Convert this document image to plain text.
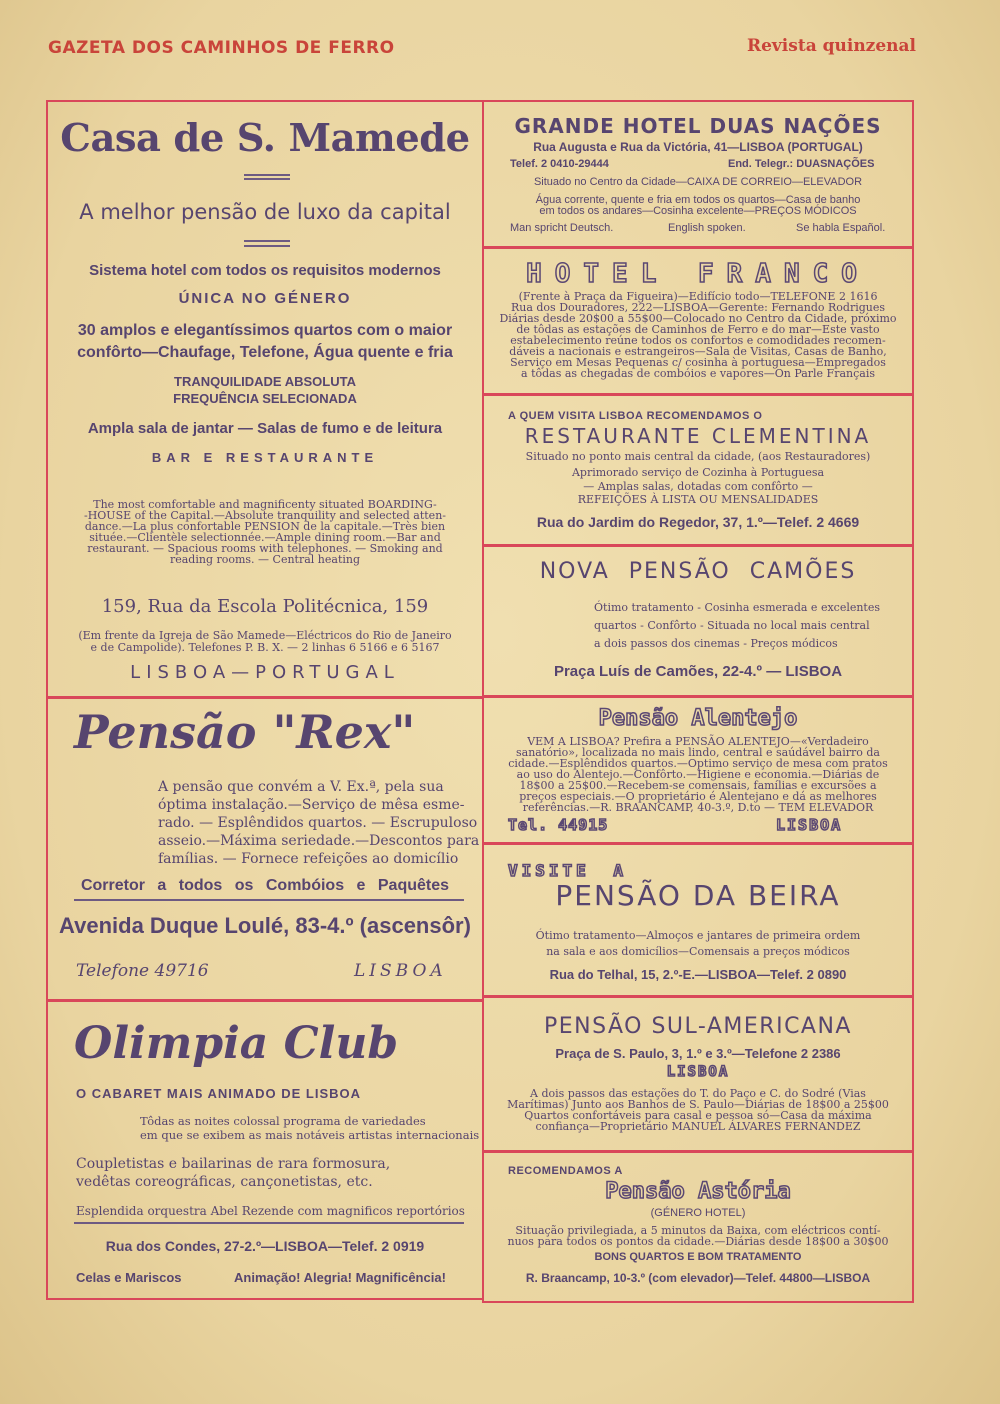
GAZETA DOS CAMINHOS DE FERRO	Revista quinzenal
Casa de S. Mamede
A melhor pensão de luxo da capital
Sistema hotel com todos os requisitos modernos
ÚNICA NO GÉNERO
30 amplos e elegantíssimos quartos com o maior
confôrto—Chaufage, Telefone, Água quente e fria
TRANQUILIDADE ABSOLUTA
FREQUÊNCIA SELECIONADA
Ampla sala de jantar — Salas de fumo e de leitura
BAR E RESTAURANTE
The most comfortable and magnificenty situated BOARDING-
-HOUSE of the Capital.—Absolute tranquility and selected atten-
dance.—La plus confortable PENSION de la capitale.—Très bien
située.—Clientèle selectionnée.—Ample dining room.—Bar and
restaurant. — Spacious rooms with telephones. — Smoking and
reading rooms. — Central heating
159, Rua da Escola Politécnica, 159
(Em frente da Igreja de São Mamede—Eléctricos do Rio de Janeiro
e de Campolide). Telefones P. B. X. — 2 linhas 6 5166 e 6 5167
LISBOA—PORTUGAL
Pensão "Rex"
A pensão que convém a V. Ex.ª, pela sua
óptima instalação.—Serviço de mêsa esme-
rado. — Esplêndidos quartos. — Escrupuloso
asseio.—Máxima seriedade.—Descontos para
famílias. — Fornece refeições ao domicílio
Corretor a todos os Combóios e Paquêtes
Avenida Duque Loulé, 83-4.º (ascensôr)
Telefone 49716	LISBOA
Olimpia Club
O CABARET MAIS ANIMADO DE LISBOA
Tôdas as noites colossal programa de variedades
em que se exibem as mais notáveis artistas internacionais
Coupletistas e bailarinas de rara formosura,
vedêtas coreográficas, cançonetistas, etc.
Esplendida orquestra Abel Rezende com magnificos reportórios
Rua dos Condes, 27-2.º—LISBOA—Telef. 2 0919
Celas e Mariscos	Animação! Alegria! Magnificência!
GRANDE HOTEL DUAS NAÇÕES
Rua Augusta e Rua da Victória, 41—LISBOA (PORTUGAL)
Telef. 2 0410-29444	End. Telegr.: DUASNAÇÕES
Situado no Centro da Cidade—CAIXA DE CORREIO—ELEVADOR
Água corrente, quente e fria em todos os quartos—Casa de banho
em todos os andares—Cosinha excelente—PREÇOS MÓDICOS
Man spricht Deutsch.	English spoken.	Se habla Español.
HOTEL FRANCO
(Frente à Praça da Figueira)—Edifício todo—TELEFONE 2 1616
Rua dos Douradores, 222—LISBOA—Gerente: Fernando Rodrigues
Diárias desde 20$00 a 55$00—Colocado no Centro da Cidade, próximo
de tôdas as estações de Caminhos de Ferro e do mar—Este vasto
estabelecimento reúne todos os confortos e comodidades recomen-
dáveis a nacionais e estrangeiros—Sala de Visitas, Casas de Banho,
Serviço em Mesas Pequenas c/ cosinha à portuguesa—Empregados
a tôdas as chegadas de combóios e vapores—On Parle Français
A QUEM VISITA LISBOA RECOMENDAMOS O
RESTAURANTE CLEMENTINA
Situado no ponto mais central da cidade, (aos Restauradores)
Aprimorado serviço de Cozinha à Portuguesa
— Amplas salas, dotadas com confôrto —
REFEIÇÕES À LISTA OU MENSALIDADES
Rua do Jardim do Regedor, 37, 1.º—Telef. 2 4669
NOVA PENSÃO CAMÕES
Ótimo tratamento - Cosinha esmerada e excelentes
quartos - Confôrto - Situada no local mais central
a dois passos dos cinemas - Preços módicos
Praça Luís de Camões, 22-4.º — LISBOA
Pensão Alentejo
VEM A LISBOA? Prefira a PENSÃO ALENTEJO—«Verdadeiro
sanatório», localizada no mais lindo, central e saúdável bairro da
cidade.—Esplêndidos quartos.—Optimo serviço de mesa com pratos
ao uso do Alentejo.—Confôrto.—Higiene e economia.—Diárias de
18$00 a 25$00.—Recebem-se comensais, famílias e excursões a
preços especiais.—O proprietário é Alentejano e dá as melhores
referências.—R. BRAANCAMP, 40-3.º, D.to — TEM ELEVADOR
Tel. 44915	LISBOA
VISITE A
PENSÃO DA BEIRA
Ótimo tratamento—Almoços e jantares de primeira ordem
na sala e aos domicílios—Comensais a preços módicos
Rua do Telhal, 15, 2.º-E.—LISBOA—Telef. 2 0890
PENSÃO SUL-AMERICANA
Praça de S. Paulo, 3, 1.º e 3.º—Telefone 2 2386
LISBOA
A dois passos das estações do T. do Paço e C. do Sodré (Vias
Marítimas) Junto aos Banhos de S. Paulo—Diárias de 18$00 a 25$00
Quartos confortáveis para casal e pessoa só—Casa da máxima
confiança—Proprietário MANUEL ÁLVARES FERNANDEZ
RECOMENDAMOS A
Pensão Astória
(GÉNERO HOTEL)
Situação privilegiada, a 5 minutos da Baixa, com eléctricos contí-
nuos para todos os pontos da cidade.—Diárias desde 18$00 a 30$00
BONS QUARTOS E BOM TRATAMENTO
R. Braancamp, 10-3.º (com elevador)—Telef. 44800—LISBOA
